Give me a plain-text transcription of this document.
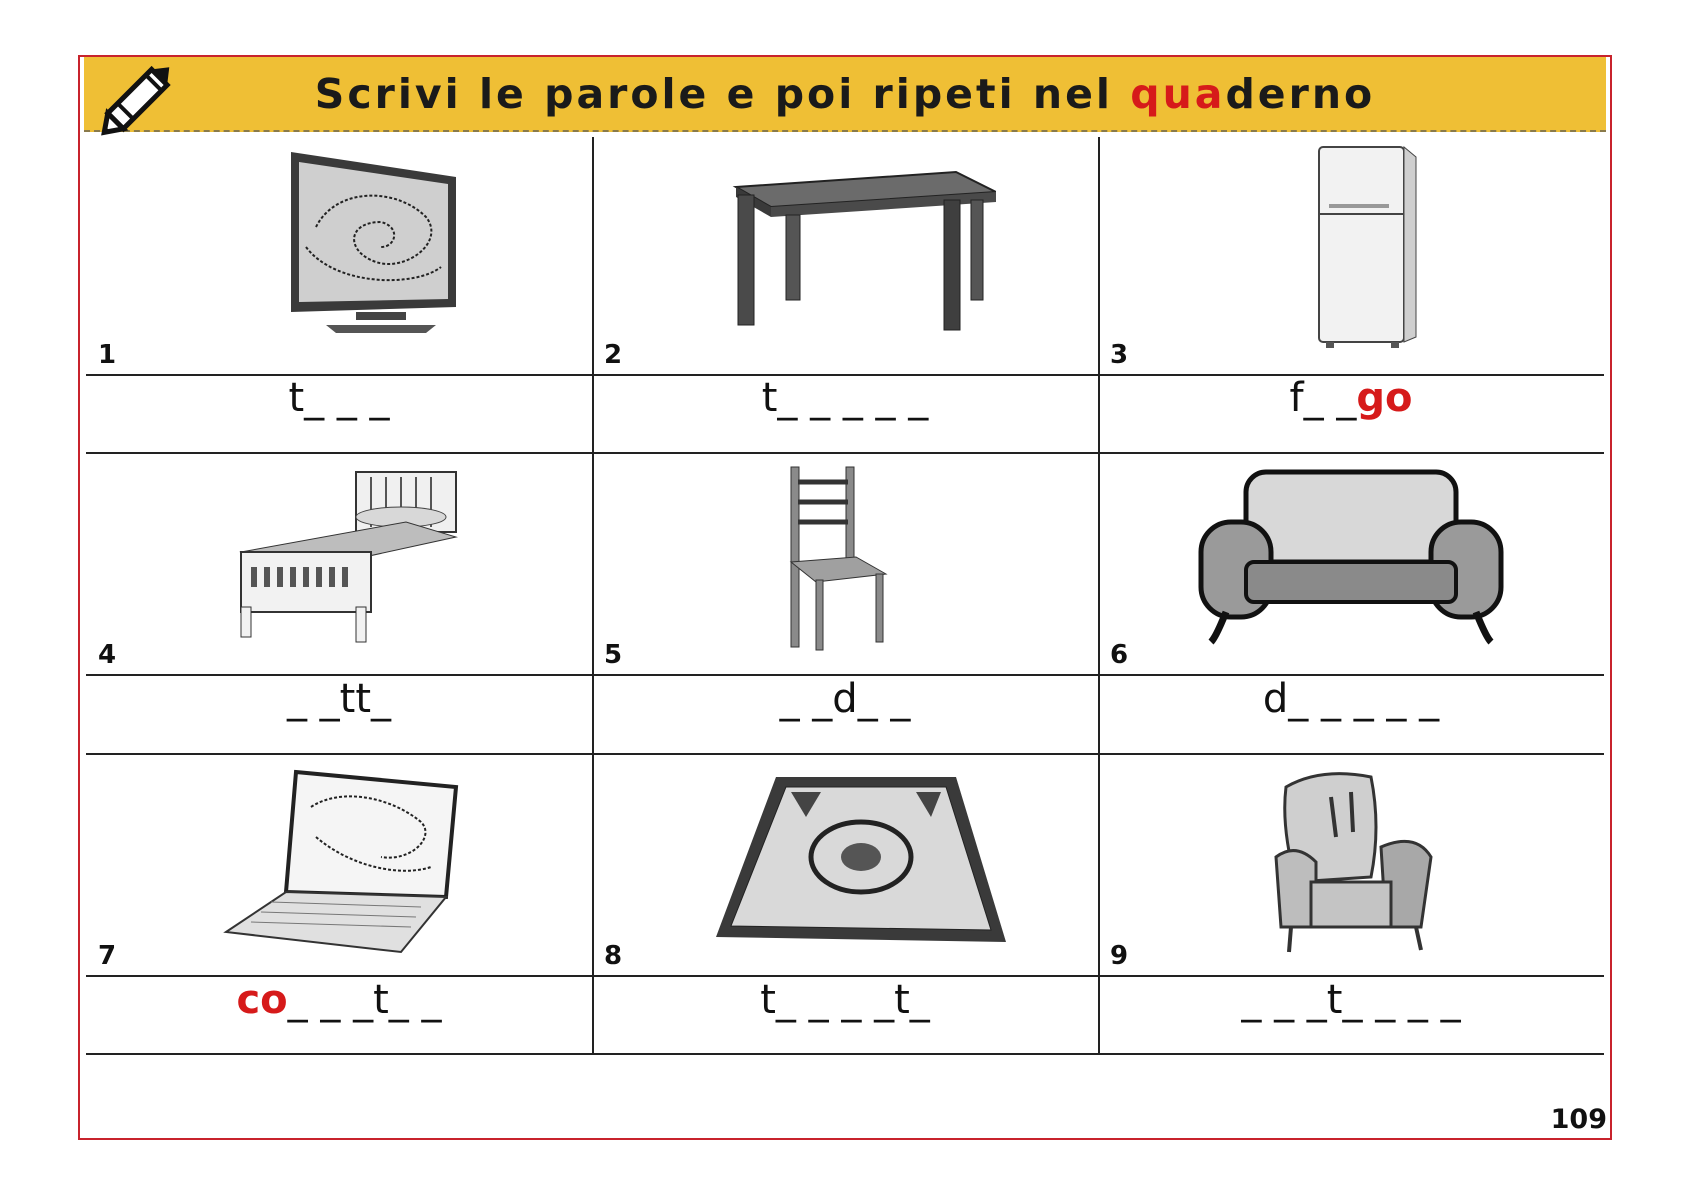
Scrivi le parole e poi ripeti nel quaderno
1
t_ _ _
2
t_ _ _ _ _
3
f_ _go
4
_ _tt_
5
_ _d_ _
6
d_ _ _ _ _
7
co_ _ _t_ _
8
t_ _ _ _t_
9
_ _ _t_ _ _ _
109
